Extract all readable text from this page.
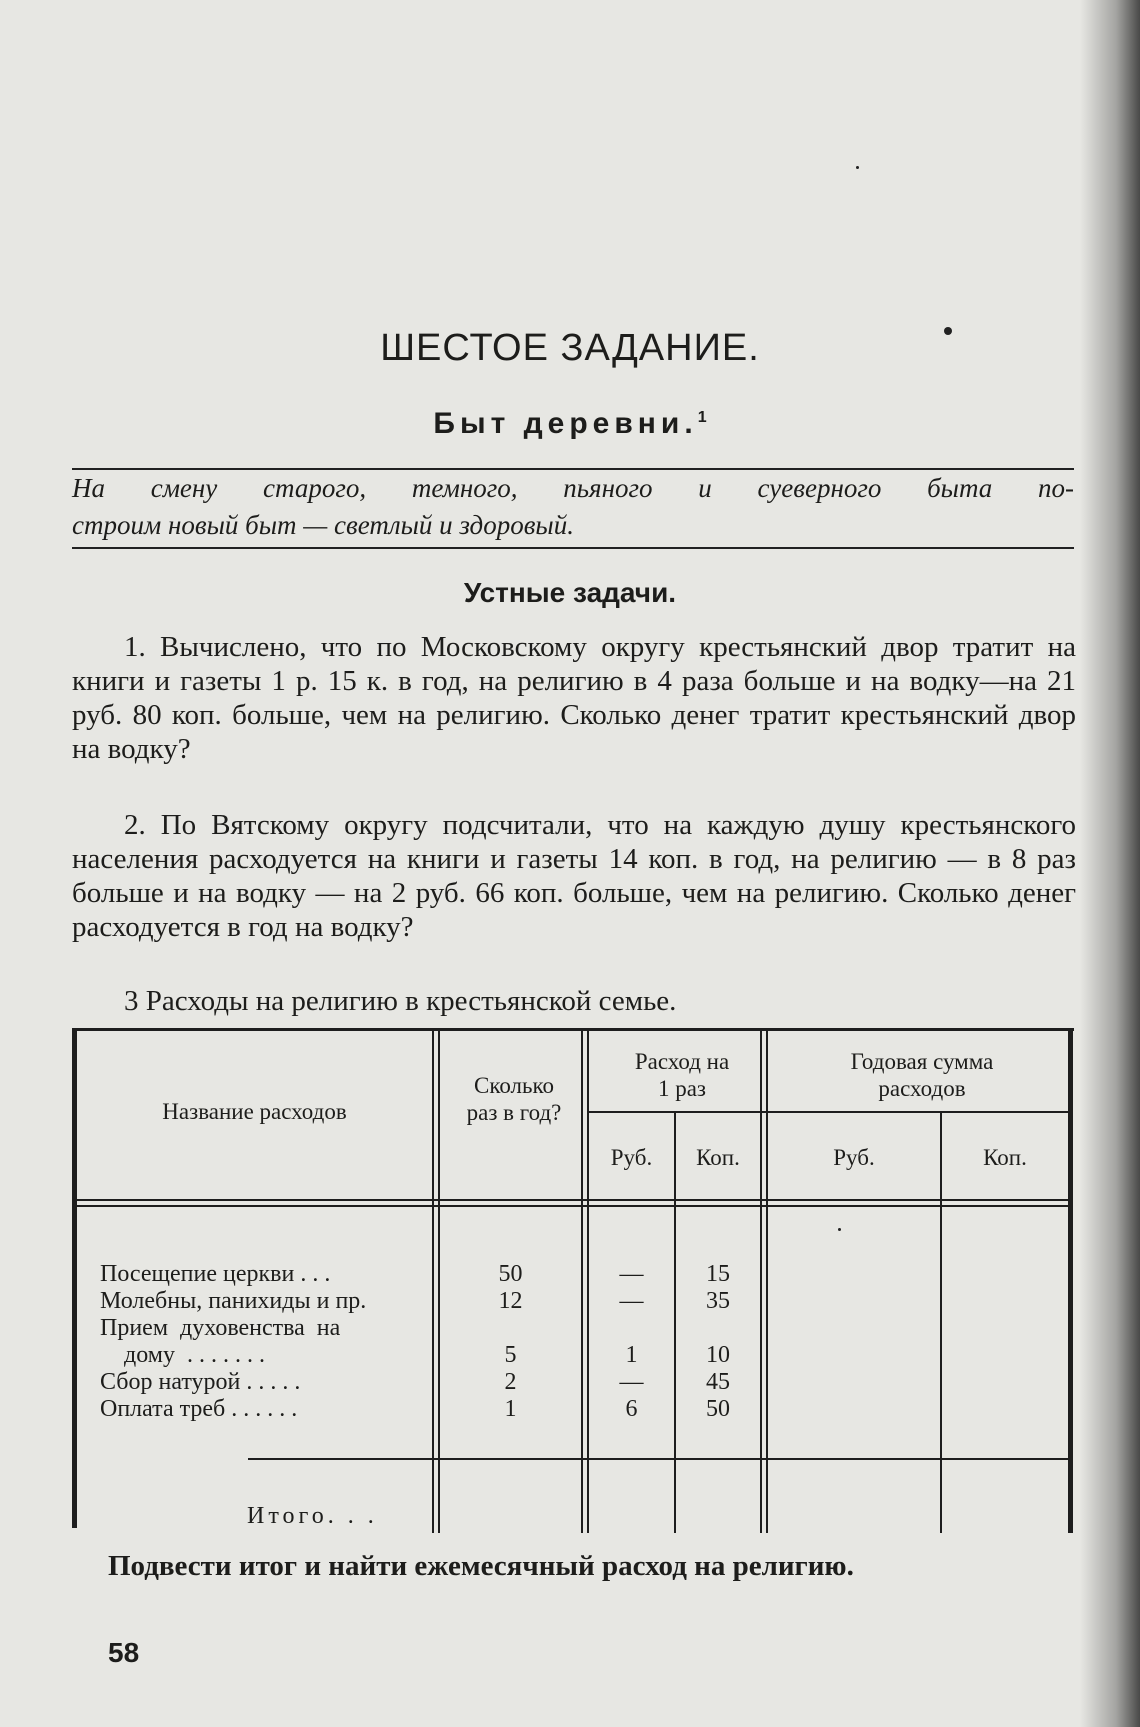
ШЕСТОЕ ЗАДАНИЕ.
Быт деревни.$^1$
На смену старого, темного, пьяного и суеверного быта по-
строим новый быт — светлый и здоровый.
Устные задачи.
1. Вычислено, что по Московскому округу крестьянский двор тратит на книги и газеты 1 р. 15 к. в год, на религию в 4 раза больше и на водку—на 21 руб. 80 коп. больше, чем на религию. Сколько денег тратит крестьянский двор на водку?
2. По Вятскому округу подсчитали, что на каждую душу крестьянского населения расходуется на книги и газеты 14 коп. в год, на религию — в 8 раз больше и на водку — на 2 руб. 66 коп. больше, чем на религию. Сколько денег расходуется в год на водку?
3 Расходы на религию в крестьянской семье.
Название расходов
Сколько раз в год?
Расход на 1 раз
Годовая сумма расходов
Руб.	Коп.	Руб.	Коп.
Посещепие церкви . . .	50	—	15
Молебны, панихиды и пр.	12	—	35
Прием  духовенства  на
дому  . . . . . . .	5	1	10
Сбор натурой . . . . .	2	—	45
Оплата треб . . . . . .	1	6	50
Итого. . .
Подвести итог и найти ежемесячный расход на религию.
58
